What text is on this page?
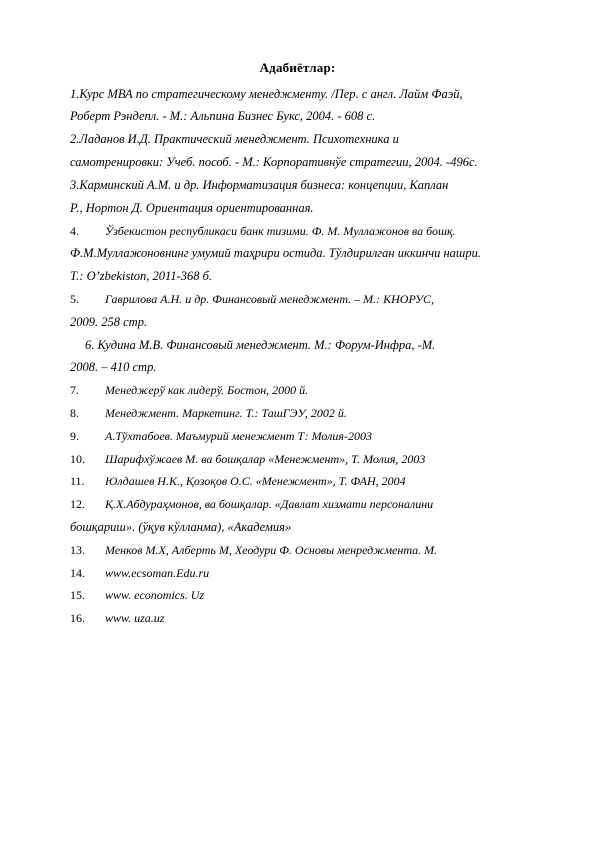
Адабиётлар:
1.Курс МВА по стратегическому менеджменту. /Пер. с англ. Лайм Фаэй,
Роберт Рэндепл. - М.: Альпина Бизнес Букс, 2004. - 608 с.
2.Ладанов И.Д. Практический менеджмент. Психотехника и
самотренировки: Учеб. пособ. - М.: Корпоративнўе стратегии, 2004. -496с.
3.Карминский А.М. и др. Информатизация бизнеса: концепции, Каплан
Р., Нортон Д. Ориентация ориентированная.
4. Ўзбекистон республикаси банк тизими. Ф. М. Муллажонов ва бошқ.
Ф.М.Муллажоновнинг умумий таҳрири остида. Тўлдирилган иккинчи нашри.
Т.: O’zbekiston, 2011-368 б.
5. Гаврилова А.Н. и др. Финансовый менеджмент. – М.: КНОРУС,
2009. 258 стр.
6. Кудина М.В. Финансовый менеджмент. М.: Форум-Инфра, -М.
2008. – 410 стр.
7. Менеджерў как лидерў. Бостон, 2000 й.
8. Менеджмент. Маркетинг. Т.: ТашГЭУ, 2002 й.
9. А.Тўхтабоев. Маъмурий менежмент Т: Молия-2003
10. Шарифхўжаев М. ва бошқалар «Менежмент», Т. Молия, 2003
11. Юлдашев Н.К., Қозоқов О.С. «Менежмент», Т. ФАН, 2004
12. Қ.Х.Абдураҳмонов, ва бошқалар. «Давлат хизмати персоналини
бошқариш». (ўқув кўлланма), «Академия»
13. Менков М.Х, Алберть М, Хеодури Ф. Основы менреджмента. М.
14. www.ecsoman.Edu.ru
15. www. economics. Uz
16. www. uza.uz
